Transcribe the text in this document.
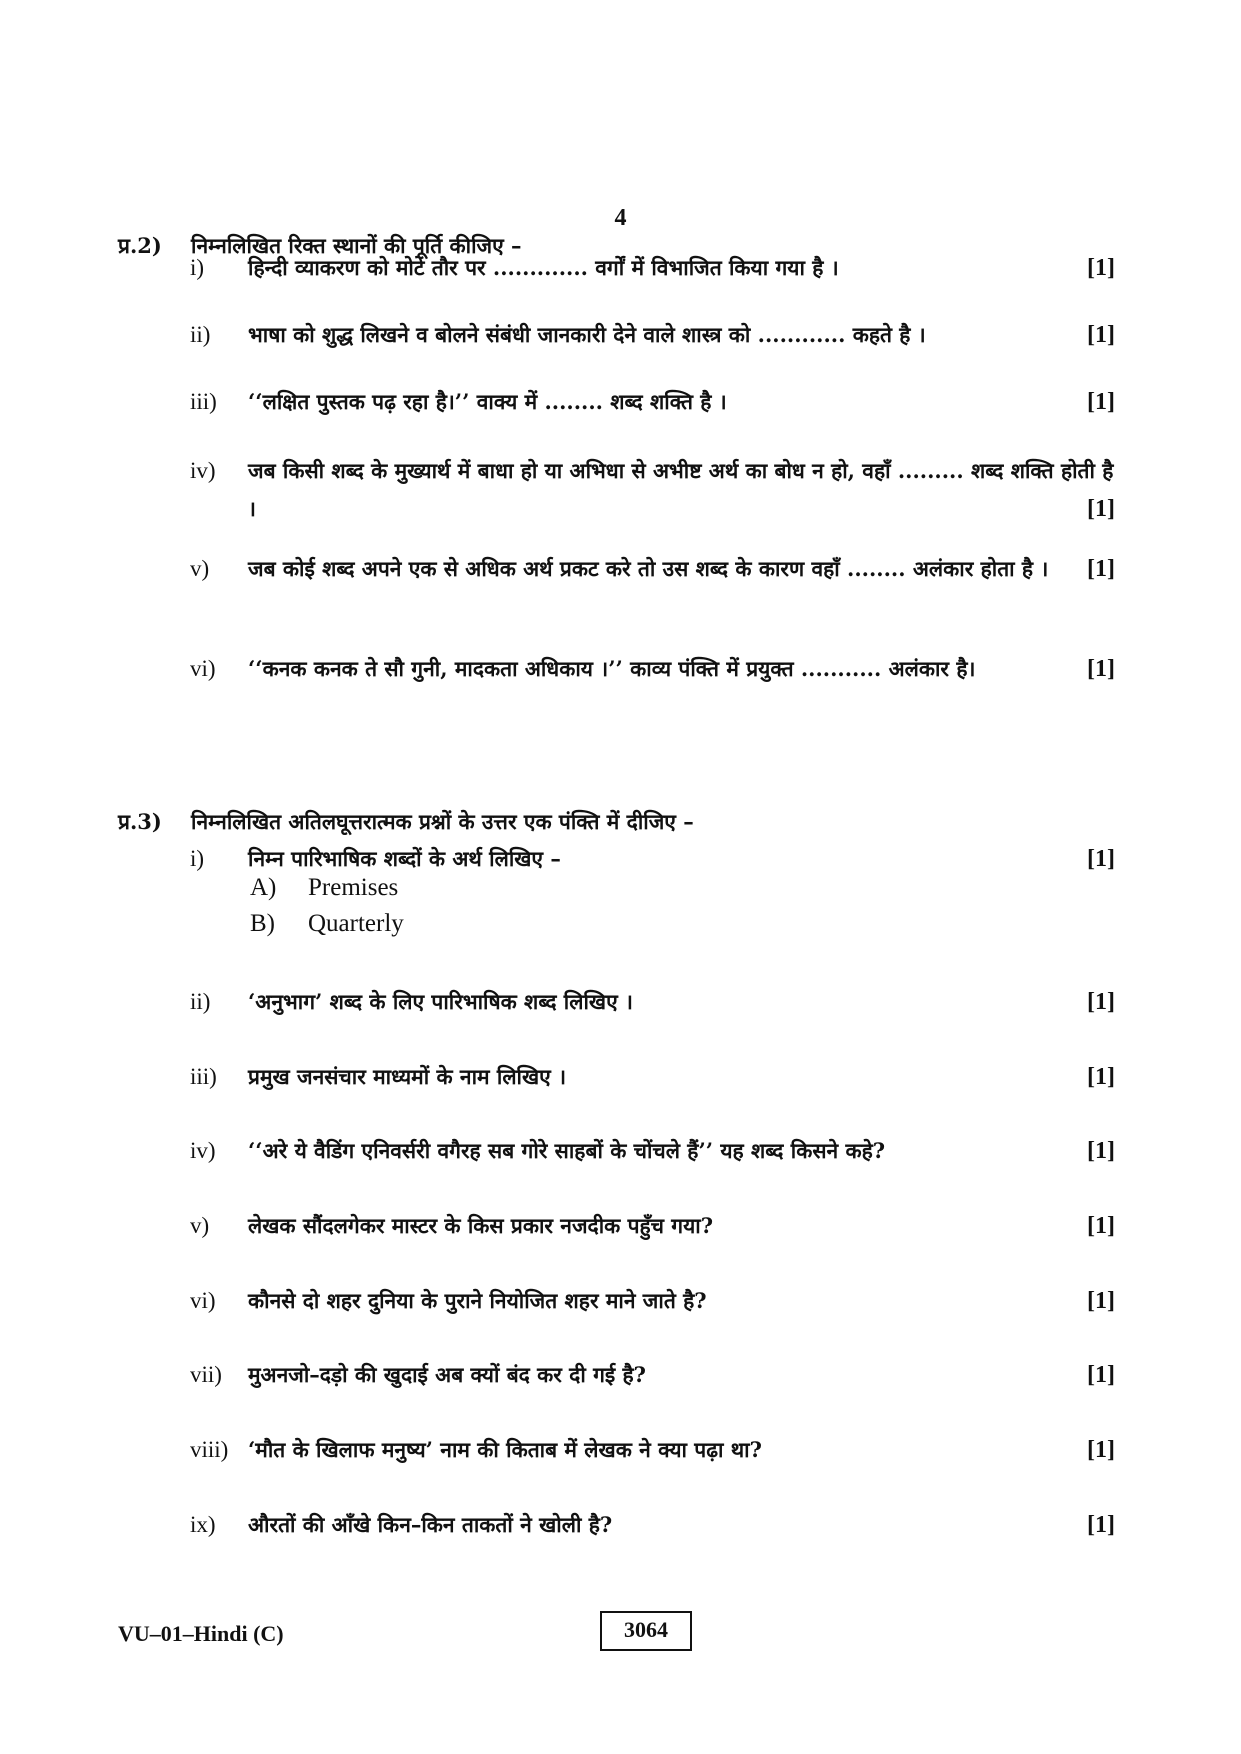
4
प्र.2)	निम्नलिखित रिक्त स्थानों की पूर्ति कीजिए –
i)	हिन्दी व्याकरण को मोटे तौर पर ............. वर्गों में विभाजित किया गया है ।	[1]
ii)	भाषा को शुद्ध लिखने व बोलने संबंधी जानकारी देने वाले शास्त्र को ............ कहते है ।	[1]
iii)	‘‘लक्षित पुस्तक पढ़ रहा है।’’ वाक्य में ........ शब्द शक्ति है ।	[1]
iv)	जब किसी शब्द के मुख्यार्थ में बाधा हो या अभिधा से अभीष्ट अर्थ का बोध न हो, वहाँ ......... शब्द शक्ति होती है ।	[1]
v)	जब कोई शब्द अपने एक से अधिक अर्थ प्रकट करे तो उस शब्द के कारण वहाँ ........ अलंकार होता है । [1]
vi)	‘‘कनक कनक ते सौ गुनी, मादकता अधिकाय ।’’ काव्य पंक्ति में प्रयुक्त ........... अलंकार है।	[1]
प्र.3)	निम्नलिखित अतिलघूत्तरात्मक प्रश्नों के उत्तर एक पंक्ति में दीजिए –
i)	निम्न पारिभाषिक शब्दों के अर्थ लिखिए –	[1]
A)	Premises
B)	Quarterly
ii)	‘अनुभाग’ शब्द के लिए पारिभाषिक शब्द लिखिए ।	[1]
iii)	प्रमुख जनसंचार माध्यमों के नाम लिखिए ।	[1]
iv)	‘‘अरे ये वैडिंग एनिवर्सरी वगैरह सब गोरे साहबों के चोंचले हैं’’ यह शब्द किसने कहे?	[1]
v)	लेखक सौंदलगेकर मास्टर के किस प्रकार नजदीक पहुँच गया?	[1]
vi)	कौनसे दो शहर दुनिया के पुराने नियोजित शहर माने जाते है?	[1]
vii)	मुअनजो–दड़ो की खुदाई अब क्यों बंद कर दी गई है?	[1]
viii) ‘मौत के खिलाफ मनुष्य’ नाम की किताब में लेखक ने क्या पढ़ा था?	[1]
ix)	औरतों की आँखे किन–किन ताकतों ने खोली है?	[1]
VU–01–Hindi (C)	3064
